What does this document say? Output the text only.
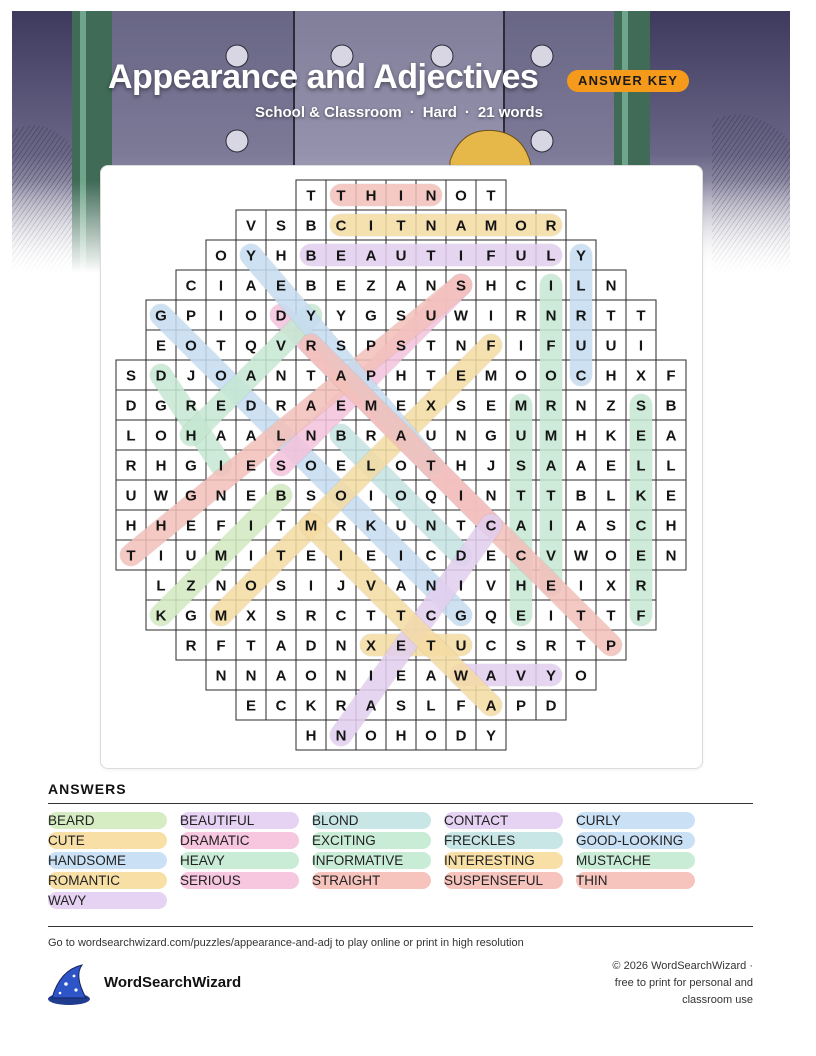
Appearance and Adjectives	ANSWER KEY
School & Classroom · Hard · 21 words
T T H I N O T
V S B C I T N A M O R
O Y H B E A U T I F U L Y
C I A E B E Z A N S H C I L N
G P I O D Y Y G S U W I R N R T T
E O T Q V R S P S T N F I F U U I
S D J O A N T A P H T E M O O C H X F
D G R E D R A E M E X S E M R N Z S B
L O H A A L N B R A U N G U M H K E A
R H G I E S O E L O T H J S A A E L L
U W G N E B S O I O Q I N T T B L K E
H H E F I T M R K U N T C A I A S C H
T I U M I T E I E I C D E C V W O E N
L Z N O S I J V A N I V H E I X R
K G M X S R C T T C G Q E I T T F
R F T A D N X E T U C S R T P
N N A O N I E A W A V Y O
E C K R A S L F A P D
H N O H O D Y
ANSWERS
BEARD	BEAUTIFUL	BLOND	CONTACT	CURLY
CUTE	DRAMATIC	EXCITING	FRECKLES	GOOD-LOOKING
HANDSOME	HEAVY	INFORMATIVE	INTERESTING	MUSTACHE
ROMANTIC	SERIOUS	STRAIGHT	SUSPENSEFUL	THIN
WAVY
Go to wordsearchwizard.com/puzzles/appearance-and-adj to play online or print in high resolution
WordSearchWizard
© 2026 WordSearchWizard ·
free to print for personal and
classroom use
